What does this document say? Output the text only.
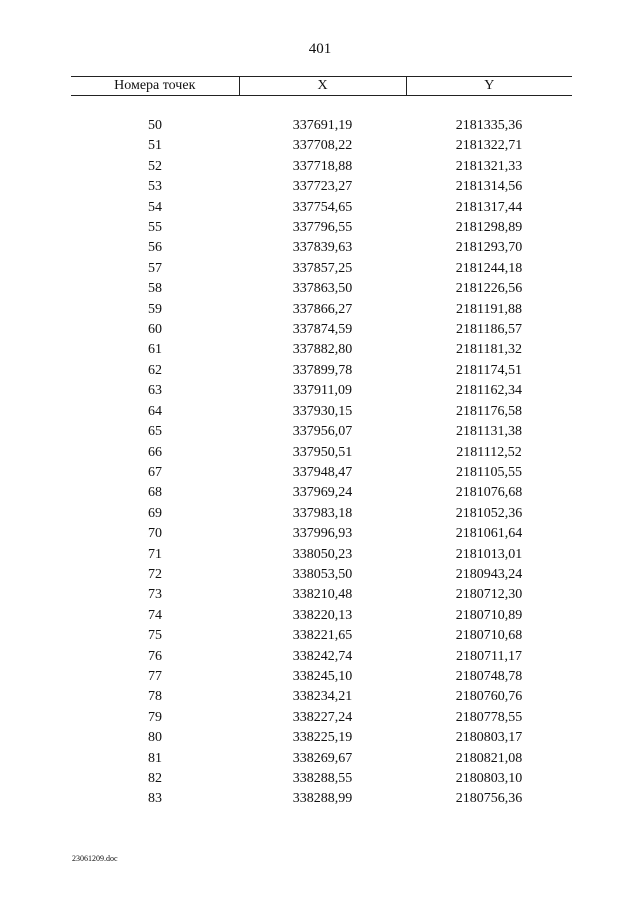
401
Номера точек	X	Y

50	337691,19	2181335,36
51	337708,22	2181322,71
52	337718,88	2181321,33
53	337723,27	2181314,56
54	337754,65	2181317,44
55	337796,55	2181298,89
56	337839,63	2181293,70
57	337857,25	2181244,18
58	337863,50	2181226,56
59	337866,27	2181191,88
60	337874,59	2181186,57
61	337882,80	2181181,32
62	337899,78	2181174,51
63	337911,09	2181162,34
64	337930,15	2181176,58
65	337956,07	2181131,38
66	337950,51	2181112,52
67	337948,47	2181105,55
68	337969,24	2181076,68
69	337983,18	2181052,36
70	337996,93	2181061,64
71	338050,23	2181013,01
72	338053,50	2180943,24
73	338210,48	2180712,30
74	338220,13	2180710,89
75	338221,65	2180710,68
76	338242,74	2180711,17
77	338245,10	2180748,78
78	338234,21	2180760,76
79	338227,24	2180778,55
80	338225,19	2180803,17
81	338269,67	2180821,08
82	338288,55	2180803,10
83	338288,99	2180756,36
23061209.doc
